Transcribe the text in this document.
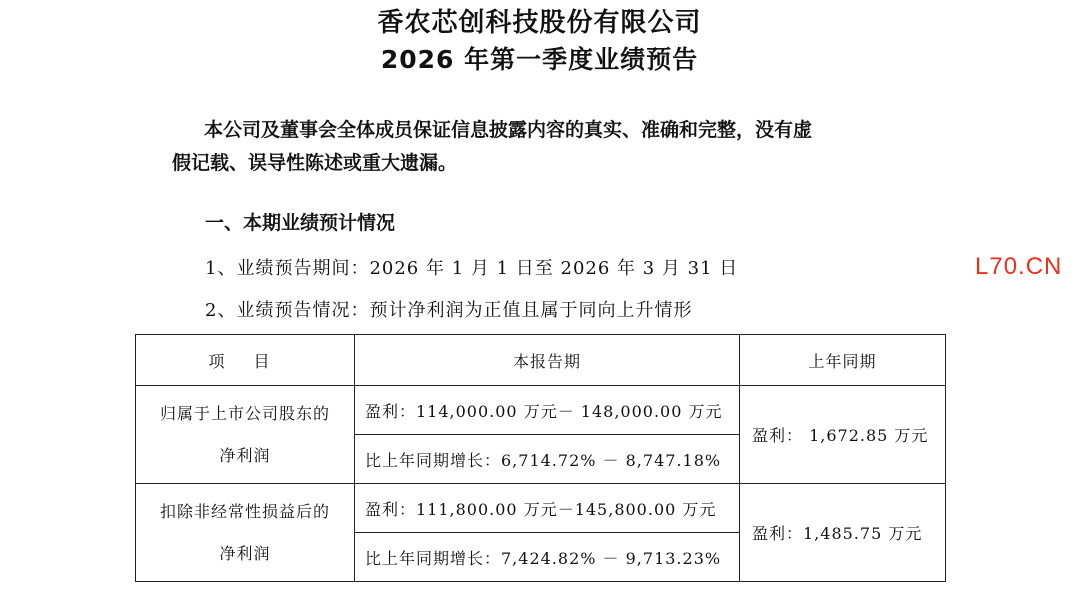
香农芯创科技股份有限公司
2026 年第一季度业绩预告
本公司及董事会全体成员保证信息披露内容的真实、准确和完整，没有虚
假记载、误导性陈述或重大遗漏。
一、本期业绩预计情况
1、业绩预告期间：2026 年 1 月 1 日至 2026 年 3 月 31 日
2、业绩预告情况：预计净利润为正值且属于同向上升情形
L70.CN
项 目	本报告期	上年同期

归属于上市公司股东的
净利润	盈利：114,000.00 万元－ 148,000.00 万元	盈利： 1,672.85 万元
	比上年同期增长：6,714.72% － 8,747.18%	

扣除非经常性损益后的
净利润	盈利：111,800.00 万元－145,800.00 万元	盈利：1,485.75 万元
	比上年同期增长：7,424.82% － 9,713.23%	
